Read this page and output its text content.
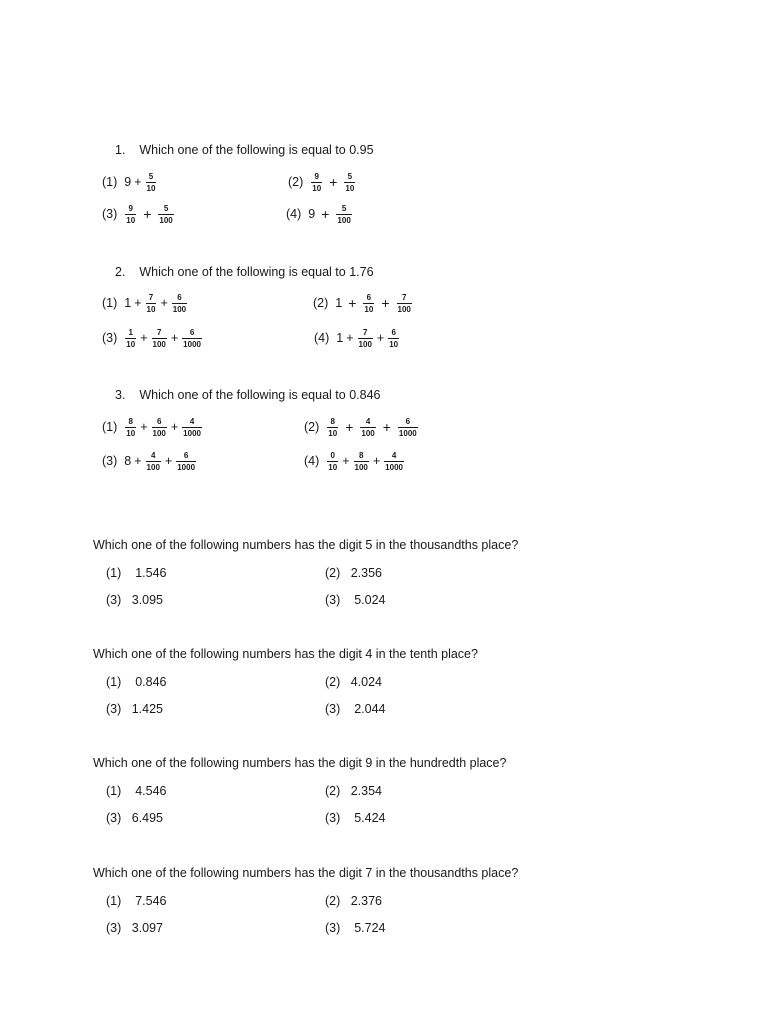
1. Which one of the following is equal to 0.95
(1) $9 + \frac{5}{10}$	$(2) \frac{9}{10} + \frac{5}{10}$
$(3) \frac{9}{10} + \frac{5}{100}$	(4) $9 + \frac{5}{100}$
2. Which one of the following is equal to 1.76
(1) $1 + \frac{7}{10} + \frac{6}{100}$	(2) $1 + \frac{6}{10} + \frac{7}{100}$
$(3) \frac{1}{10} + \frac{7}{100} + \frac{6}{1000}$	(4) $1 + \frac{7}{100} + \frac{6}{10}$
3. Which one of the following is equal to 0.846
$(1) \frac{8}{10} + \frac{6}{100} + \frac{4}{1000}$	$(2) \frac{8}{10} + \frac{4}{100} + \frac{6}{1000}$
(3) $8 + \frac{4}{100} + \frac{6}{1000}$	$(4) \frac{0}{10} + \frac{8}{100} + \frac{4}{1000}$
Which one of the following numbers has the digit 5 in the thousandths place?
(1) 1.546	(2) 2.356
(3) 3.095	(3) 5.024
Which one of the following numbers has the digit 4 in the tenth place?
(1) 0.846	(2) 4.024
(3) 1.425	(3) 2.044
Which one of the following numbers has the digit 9 in the hundredth place?
(1) 4.546	(2) 2.354
(3) 6.495	(3) 5.424
Which one of the following numbers has the digit 7 in the thousandths place?
(1) 7.546	(2) 2.376
(3) 3.097	(3) 5.724
